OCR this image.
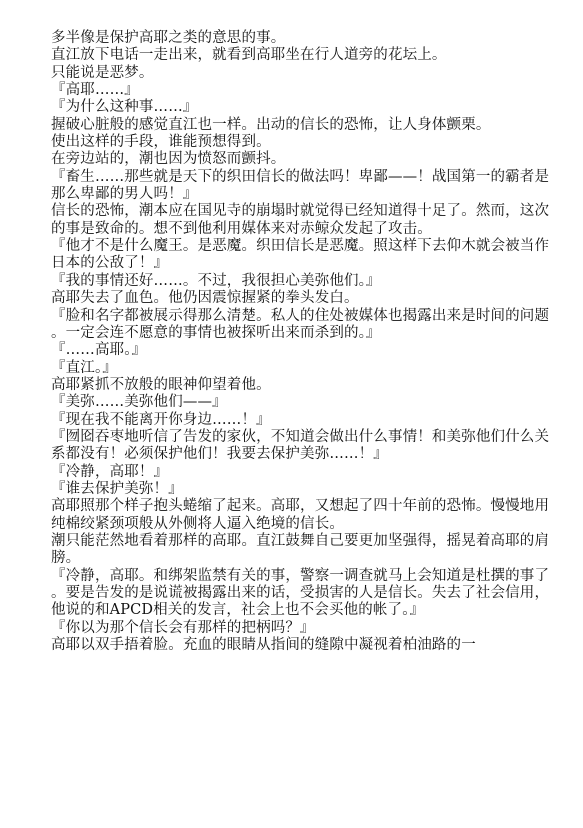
多半像是保护高耶之类的意思的事。

直江放下电话一走出来，就看到高耶坐在行人道旁的花坛上。

只能说是恶梦。

『高耶……』

『为什么这种事……』

握破心脏般的感觉直江也一样。出动的信长的恐怖，让人身体颤栗。

使出这样的手段，谁能预想得到。

在旁边站的，潮也因为愤怒而颤抖。

『畜生……那些就是天下的织田信长的做法吗！卑鄙——！战国第一的霸者是那么卑鄙的男人吗！』

信长的恐怖，潮本应在国见寺的崩塌时就觉得已经知道得十足了。然而，这次的事是致命的。想不到他利用媒体来对赤鲸众发起了攻击。

『他才不是什么魔王。是恶魔。织田信长是恶魔。照这样下去仰木就会被当作日本的公敌了！』

『我的事情还好……。不过，我很担心美弥他们。』

高耶失去了血色。他仍因震惊握紧的拳头发白。

『脸和名字都被展示得那么清楚。私人的住处被媒体也揭露出来是时间的问题。一定会连不愿意的事情也被探听出来而杀到的。』

『……高耶。』

『直江。』

高耶紧抓不放般的眼神仰望着他。

『美弥……美弥他们——』

『现在我不能离开你身边……！』

『囫囵吞枣地听信了告发的家伙，不知道会做出什么事情！和美弥他们什么关系都没有！必须保护他们！我要去保护美弥……！』

『冷静，高耶！』

『谁去保护美弥！』

高耶照那个样子抱头蜷缩了起来。高耶，又想起了四十年前的恐怖。慢慢地用纯棉绞紧颈项般从外侧将人逼入绝境的信长。

潮只能茫然地看着那样的高耶。直江鼓舞自己要更加坚强得，摇晃着高耶的肩膀。

『冷静，高耶。和绑架监禁有关的事，警察一调查就马上会知道是杜撰的事了。要是告发的是说谎被揭露出来的话，受损害的人是信长。失去了社会信用，他说的和APCD相关的发言，社会上也不会买他的帐了。』

『你以为那个信长会有那样的把柄吗？』

高耶以双手捂着脸。充血的眼睛从指间的缝隙中凝视着柏油路的一
